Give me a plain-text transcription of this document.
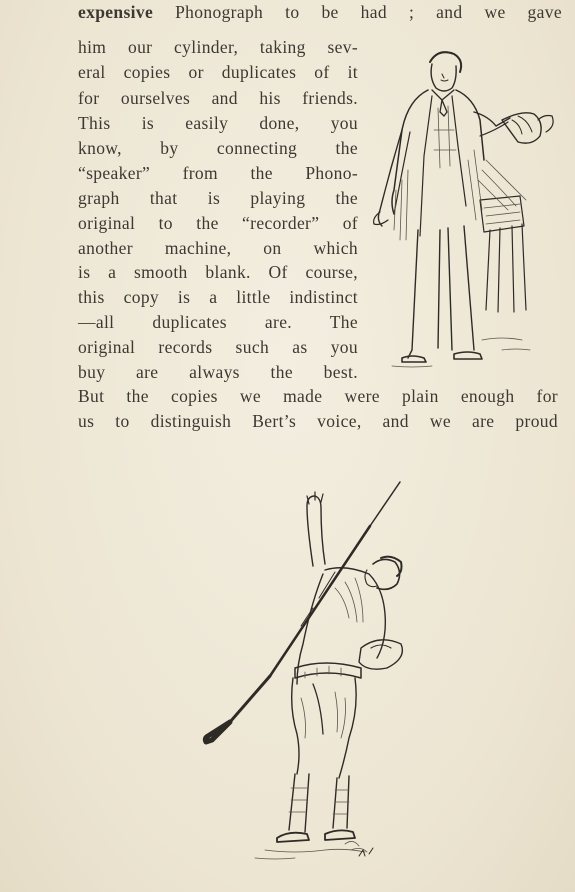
expensive Phonograph to be had ; and we gave
him our cylinder, taking sev-
eral copies or duplicates of it
for ourselves and his friends.
This is easily done, you
know, by connecting the
“speaker” from the Phono-
graph that is playing the
original to the “recorder” of
another machine, on which
is a smooth blank. Of course,
this copy is a little indistinct
—all duplicates are. The
original records such as you
buy are always the best.
But the copies we made were plain enough for
us to distinguish Bert’s voice, and we are proud
